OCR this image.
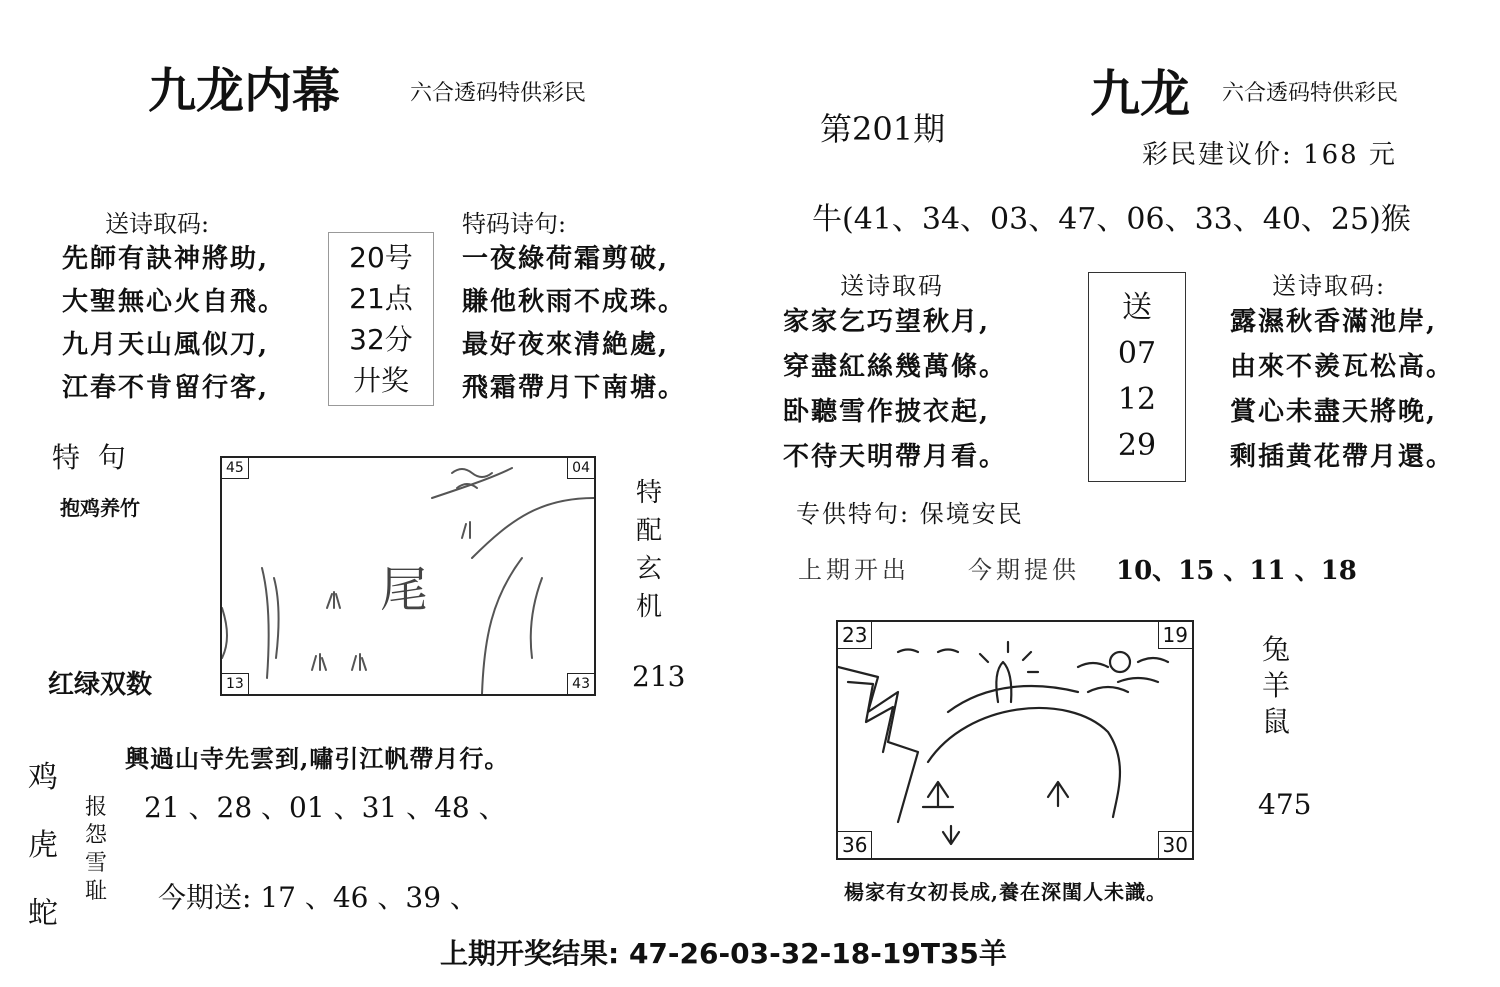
九龙内幕	六合透码特供彩民
送诗取码:
先師有訣神將助,
大聖無心火自飛。
九月天山風似刀,
江春不肯留行客,
20号
21点
32分
廾奖
特码诗句:
一夜綠荷霜剪破,
賺他秋雨不成珠。
最好夜來清絶處,
飛霜帶月下南塘。
特  句
抱鸡养竹
红绿双数
尾
45	04
13	43
特
配
玄
机
213
興過山寺先雲到,嘯引江帆帶月行。
鸡
虎
蛇
报
怨
雪
耻
21 、28 、01 、31 、48 、
今期送: 17 、46 、39 、
第201期
九龙 六合透码特供彩民
彩民建议价: 168 元
牛(41、34、03、47、06、33、40、25)猴
送诗取码
家家乞巧望秋月,
穿盡紅絲幾萬條。
卧聽雪作披衣起,
不待天明帶月看。
送
07
12
29
送诗取码:
露濕秋香滿池岸,
由來不羨瓦松高。
賞心未盡天將晚,
剩插黄花帶月還。
专供特句: 保境安民
上期开出 今期提供 10、15 、11 、18
23	19
36	30
兔
羊
鼠
475
楊家有女初長成,養在深閨人未識。
上期开奖结果: 47-26-03-32-18-19T35羊
